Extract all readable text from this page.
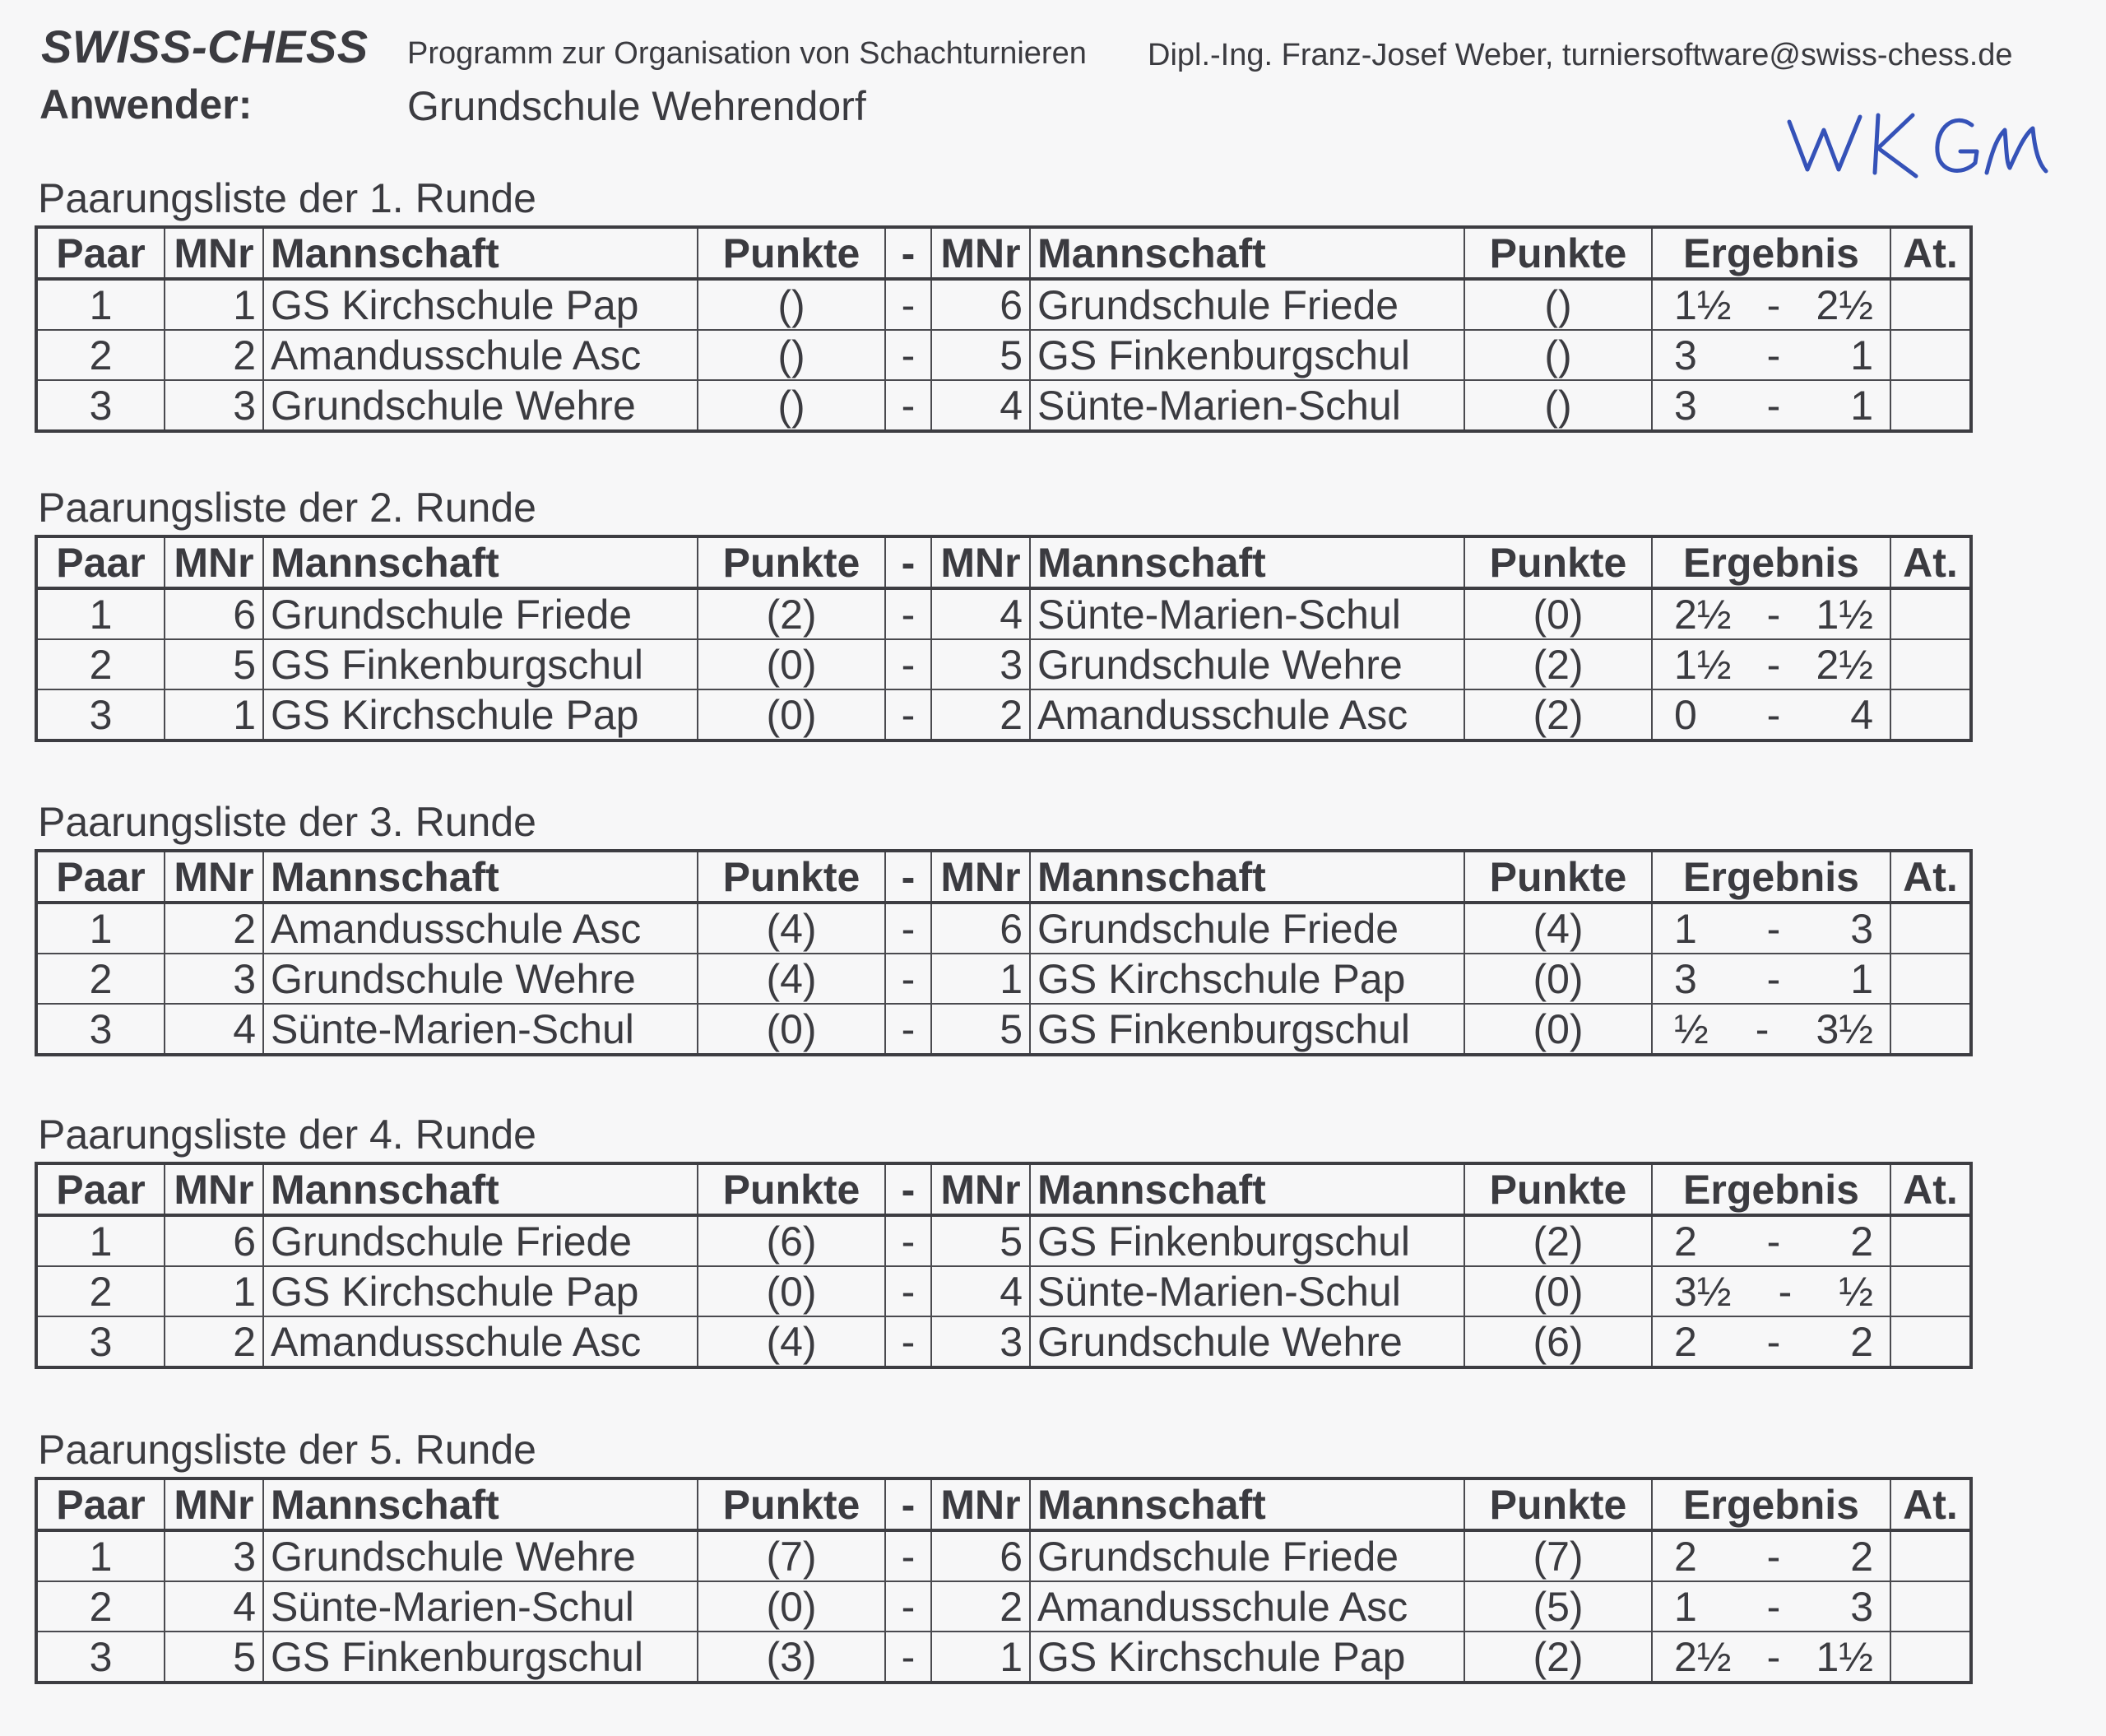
SWISS-CHESS Programm zur Organisation von Schachturnieren Dipl.-Ing. Franz-Josef Weber, turniersoftware@swiss-chess.de
Anwender:	Grundschule Wehrendorf
Paarungsliste der 1. Runde
Paar	MNr	Mannschaft	Punkte	-	MNr	Mannschaft	Punkte	Ergebnis	At.
1	1	GS Kirchschule Pap	()	-	6	Grundschule Friede	()	1½ - 2½	

2	2	Amandusschule Asc	()	-	5	GS Finkenburgschul	()	3 - 1	

3	3	Grundschule Wehre	()	-	4	Sünte-Marien-Schul	()	3 - 1	

Paarungsliste der 2. Runde
Paar	MNr	Mannschaft	Punkte	-	MNr	Mannschaft	Punkte	Ergebnis	At.
1	6	Grundschule Friede	(2)	-	4	Sünte-Marien-Schul	(0)	2½ - 1½	

2	5	GS Finkenburgschul	(0)	-	3	Grundschule Wehre	(2)	1½ - 2½	

3	1	GS Kirchschule Pap	(0)	-	2	Amandusschule Asc	(2)	0 - 4	

Paarungsliste der 3. Runde
Paar	MNr	Mannschaft	Punkte	-	MNr	Mannschaft	Punkte	Ergebnis	At.
1	2	Amandusschule Asc	(4)	-	6	Grundschule Friede	(4)	1 - 3	

2	3	Grundschule Wehre	(4)	-	1	GS Kirchschule Pap	(0)	3 - 1	

3	4	Sünte-Marien-Schul	(0)	-	5	GS Finkenburgschul	(0)	½ - 3½	

Paarungsliste der 4. Runde
Paar	MNr	Mannschaft	Punkte	-	MNr	Mannschaft	Punkte	Ergebnis	At.
1	6	Grundschule Friede	(6)	-	5	GS Finkenburgschul	(2)	2 - 2	

2	1	GS Kirchschule Pap	(0)	-	4	Sünte-Marien-Schul	(0)	3½ - ½	

3	2	Amandusschule Asc	(4)	-	3	Grundschule Wehre	(6)	2 - 2	

Paarungsliste der 5. Runde
Paar	MNr	Mannschaft	Punkte	-	MNr	Mannschaft	Punkte	Ergebnis	At.
1	3	Grundschule Wehre	(7)	-	6	Grundschule Friede	(7)	2 - 2	

2	4	Sünte-Marien-Schul	(0)	-	2	Amandusschule Asc	(5)	1 - 3	

3	5	GS Finkenburgschul	(3)	-	1	GS Kirchschule Pap	(2)	2½ - 1½	
